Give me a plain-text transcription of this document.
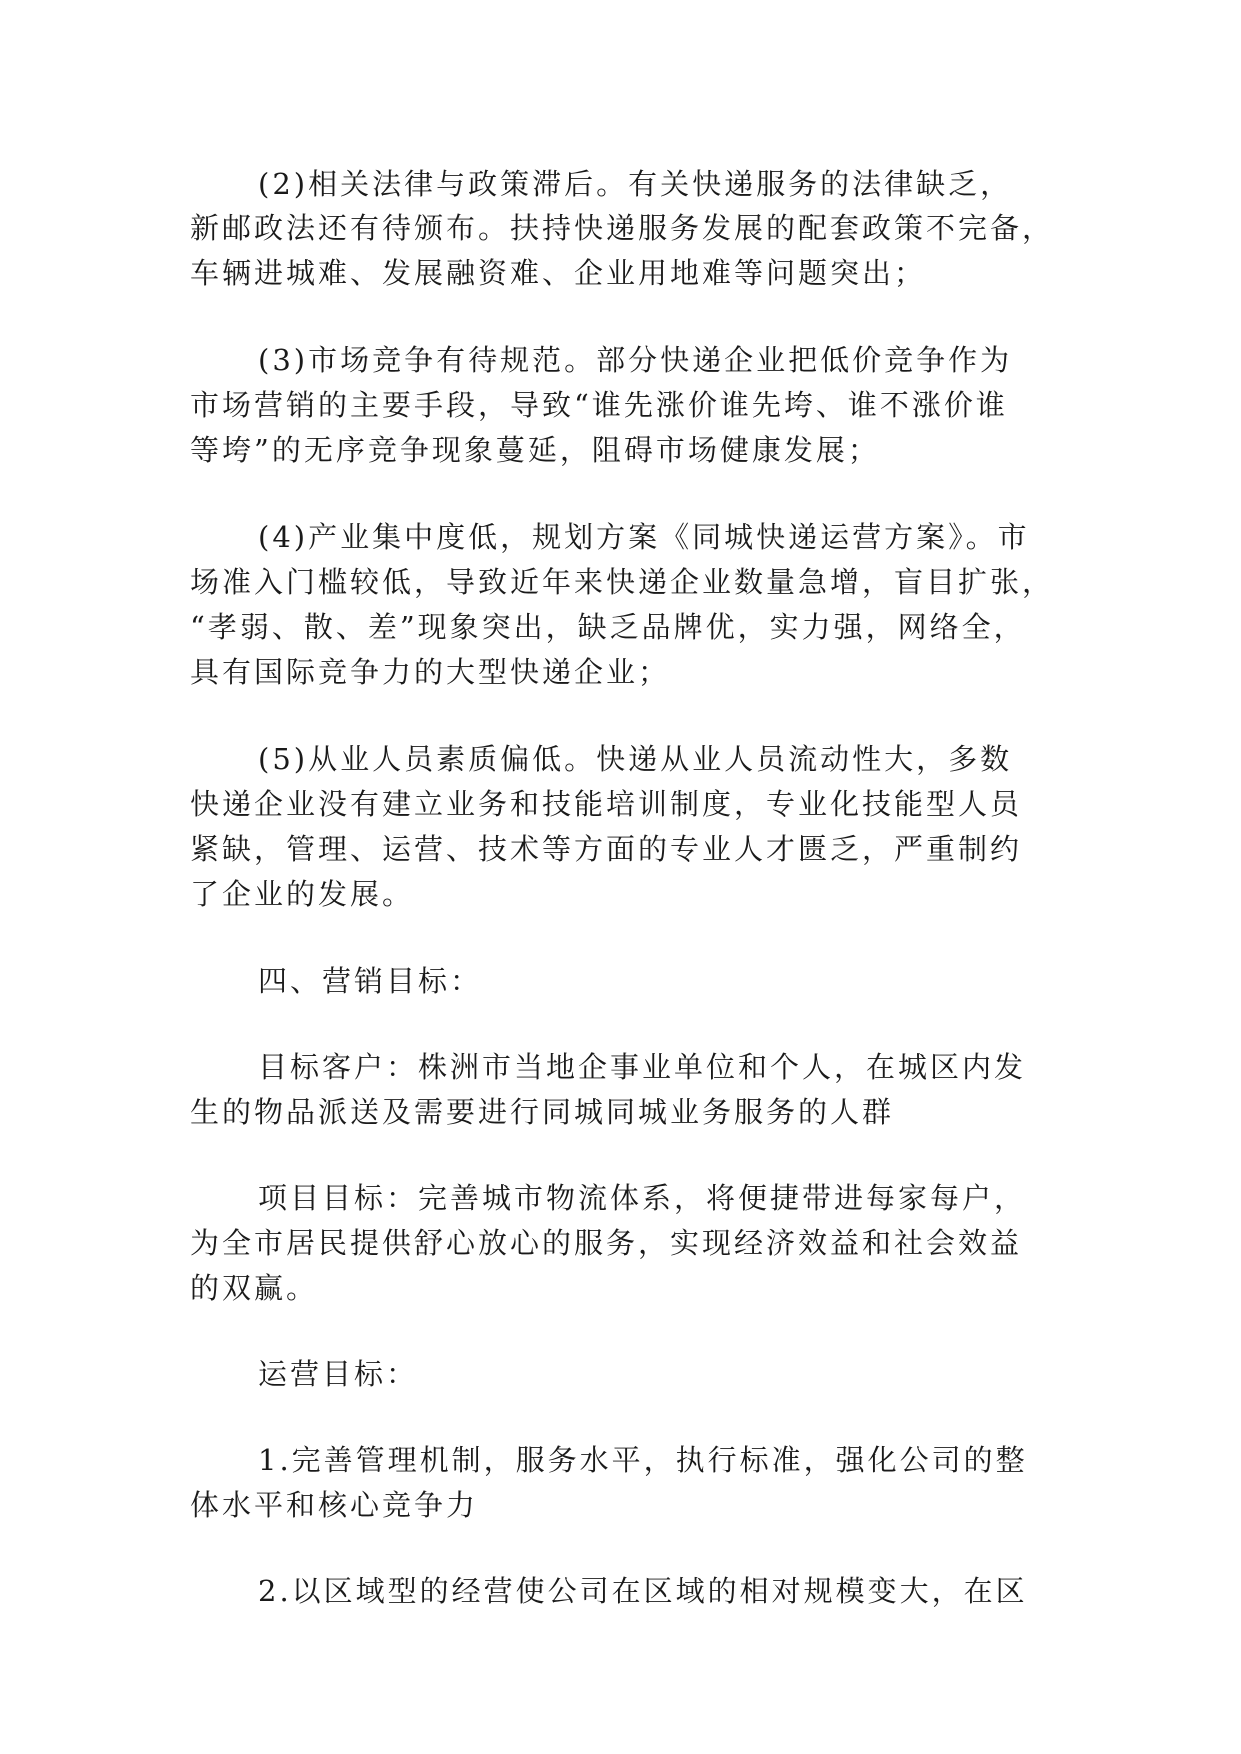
(2)相关法律与政策滞后。有关快递服务的法律缺乏，
新邮政法还有待颁布。扶持快递服务发展的配套政策不完备，
车辆进城难、发展融资难、企业用地难等问题突出；
(3)市场竞争有待规范。部分快递企业把低价竞争作为
市场营销的主要手段，导致“谁先涨价谁先垮、谁不涨价谁
等垮”的无序竞争现象蔓延，阻碍市场健康发展；
(4)产业集中度低，规划方案《同城快递运营方案》。市
场准入门槛较低，导致近年来快递企业数量急增，盲目扩张，
“孝弱、散、差”现象突出，缺乏品牌优，实力强，网络全，
具有国际竞争力的大型快递企业；
(5)从业人员素质偏低。快递从业人员流动性大，多数
快递企业没有建立业务和技能培训制度，专业化技能型人员
紧缺，管理、运营、技术等方面的专业人才匮乏，严重制约
了企业的发展。
四、营销目标：
目标客户：株洲市当地企事业单位和个人，在城区内发
生的物品派送及需要进行同城同城业务服务的人群
项目目标：完善城市物流体系，将便捷带进每家每户，
为全市居民提供舒心放心的服务，实现经济效益和社会效益
的双赢。
运营目标：
1.完善管理机制，服务水平，执行标准，强化公司的整
体水平和核心竞争力
2.以区域型的经营使公司在区域的相对规模变大，在区
